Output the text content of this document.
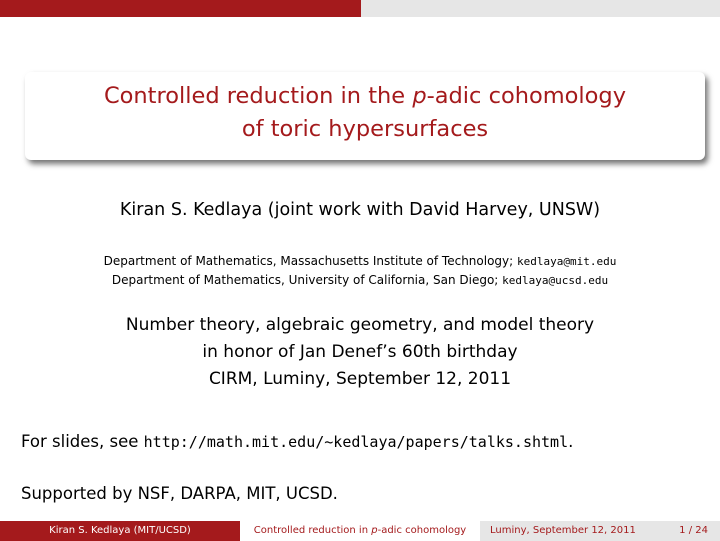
Controlled reduction in the p-adic cohomology
of toric hypersurfaces
Kiran S. Kedlaya (joint work with David Harvey, UNSW)
Department of Mathematics, Massachusetts Institute of Technology; kedlaya@mit.edu
Department of Mathematics, University of California, San Diego; kedlaya@ucsd.edu
Number theory, algebraic geometry, and model theory
in honor of Jan Denef’s 60th birthday
CIRM, Luminy, September 12, 2011
For slides, see http://math.mit.edu/~kedlaya/papers/talks.shtml.
Supported by NSF, DARPA, MIT, UCSD.
Kiran S. Kedlaya (MIT/UCSD)	Controlled reduction in p-adic cohomology	Luminy, September 12, 2011	1 / 24
